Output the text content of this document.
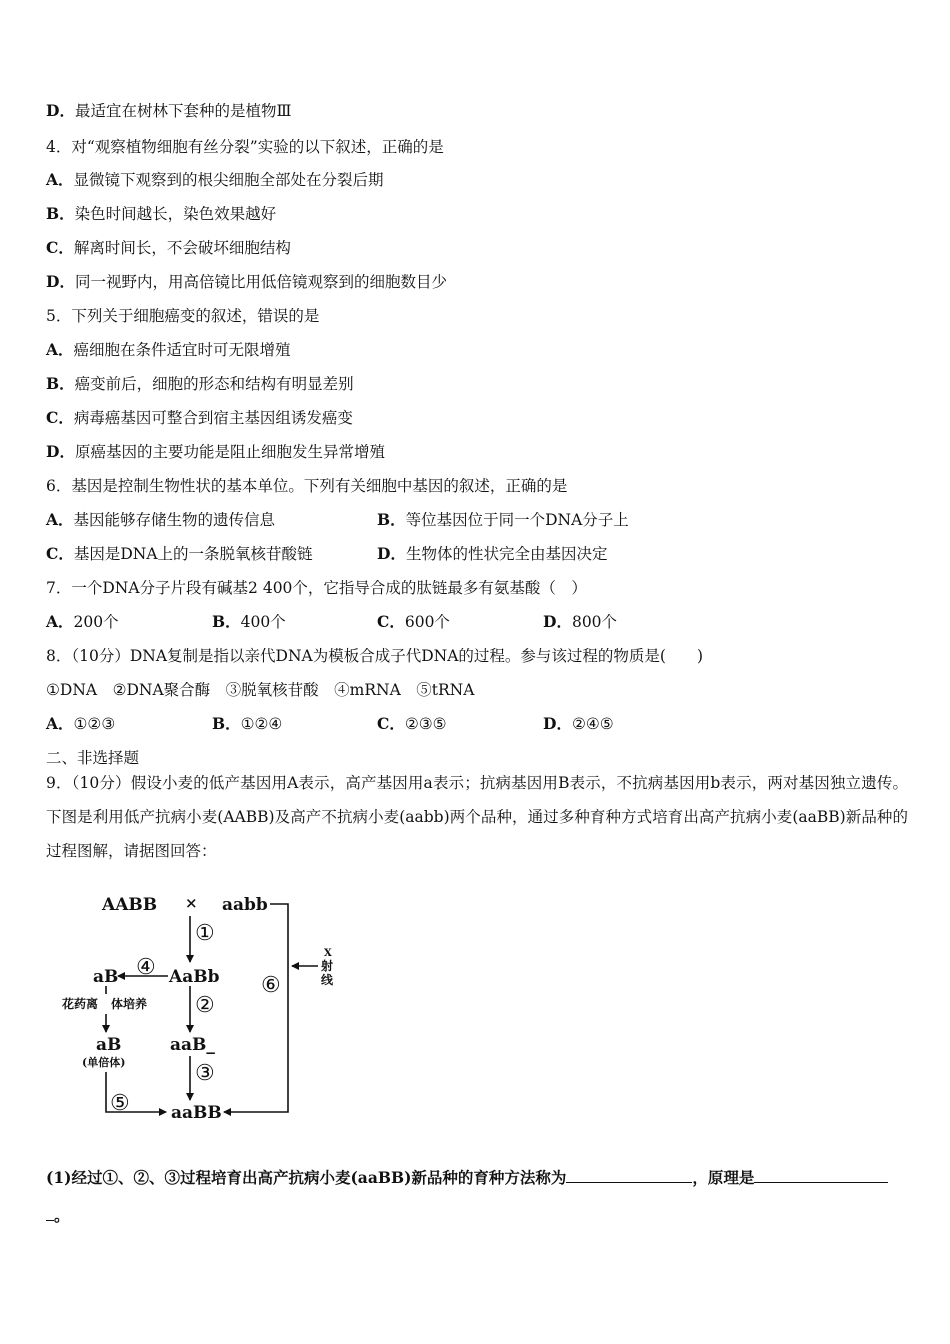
D．最适宜在树林下套种的是植物Ⅲ
4．对“观察植物细胞有丝分裂”实验的以下叙述，正确的是
A．显微镜下观察到的根尖细胞全部处在分裂后期
B．染色时间越长，染色效果越好
C．解离时间长，不会破坏细胞结构
D．同一视野内，用高倍镜比用低倍镜观察到的细胞数目少
5．下列关于细胞癌变的叙述，错误的是
A．癌细胞在条件适宜时可无限增殖
B．癌变前后，细胞的形态和结构有明显差别
C．病毒癌基因可整合到宿主基因组诱发癌变
D．原癌基因的主要功能是阻止细胞发生异常增殖
6．基因是控制生物性状的基本单位。下列有关细胞中基因的叙述，正确的是
A．基因能够存储生物的遗传信息	B．等位基因位于同一个DNA分子上
C．基因是DNA上的一条脱氧核苷酸链	D．生物体的性状完全由基因决定
7．一个DNA分子片段有碱基2 400个，它指导合成的肽链最多有氨基酸（　）
A．200个	B．400个	C．600个	D．800个
8．（10分）DNA复制是指以亲代DNA为模板合成子代DNA的过程。参与该过程的物质是(　　)
①DNA　②DNA聚合酶　③脱氧核苷酸　④mRNA　⑤tRNA
A．①②③	B．①②④	C．②③⑤	D．②④⑤
二、非选择题
9．（10分）假设小麦的低产基因用A表示，高产基因用a表示；抗病基因用B表示，不抗病基因用b表示，两对基因独立遗传。下图是利用低产抗病小麦(AABB)及高产不抗病小麦(aabb)两个品种，通过多种育种方式培育出高产抗病小麦(aaBB)新品种的过程图解，请据图回答：
AABB × aabb
AaBb
aB
aB
(单倍体)
aaB_
aaBB
花药离 体培养
①
②
③
④
⑤
⑥
X
射
线
(1)经过①、②、③过程培育出高产抗病小麦(aaBB)新品种的育种方法称为	，原理是
。
